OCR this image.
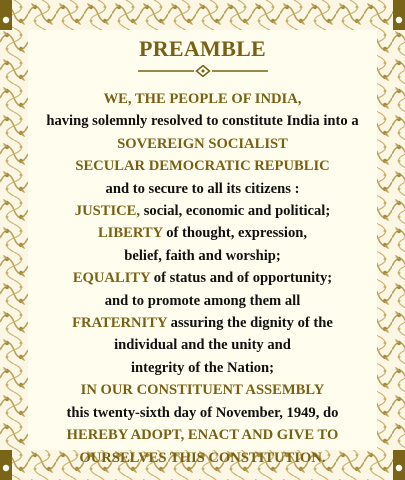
PREAMBLE
WE, THE PEOPLE OF INDIA,
having solemnly resolved to constitute India into a
SOVEREIGN SOCIALIST
SECULAR DEMOCRATIC REPUBLIC
and to secure to all its citizens :
JUSTICE, social, economic and political;
LIBERTY of thought, expression,
belief, faith and worship;
EQUALITY of status and of opportunity;
and to promote among them all
FRATERNITY assuring the dignity of the
individual and the unity and
integrity of the Nation;
IN OUR CONSTITUENT ASSEMBLY
this twenty-sixth day of November, 1949, do
HEREBY ADOPT, ENACT AND GIVE TO
OURSELVES THIS CONSTITUTION.
